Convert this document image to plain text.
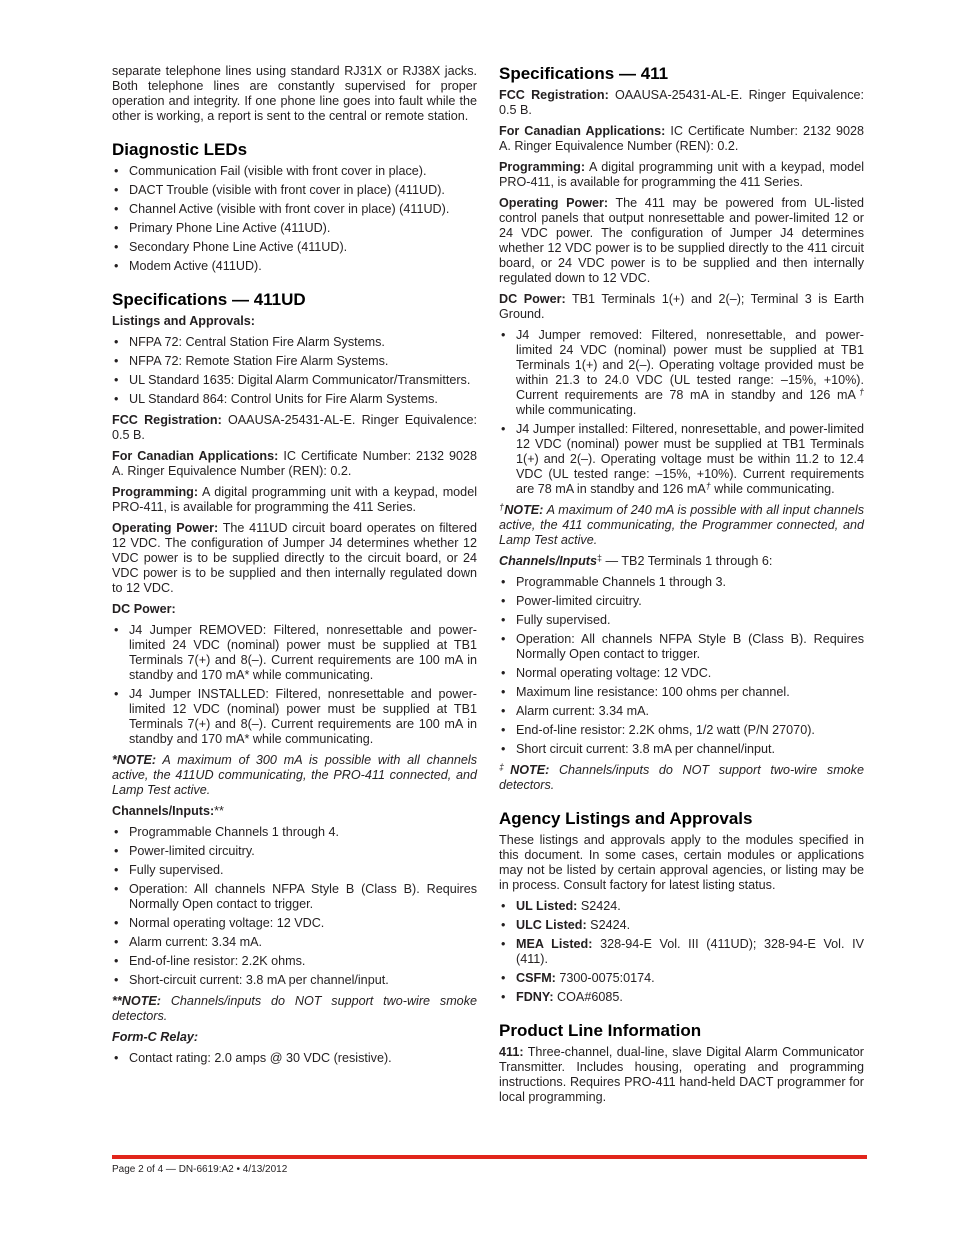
separate telephone lines using standard RJ31X or RJ38X jacks. Both telephone lines are constantly supervised for proper operation and integrity. If one phone line goes into fault while the other is working, a report is sent to the central or remote station.

Diagnostic LEDs
• Communication Fail (visible with front cover in place).
• DACT Trouble (visible with front cover in place) (411UD).
• Channel Active (visible with front cover in place) (411UD).
• Primary Phone Line Active (411UD).
• Secondary Phone Line Active (411UD).
• Modem Active (411UD).
Specifications — 411UD

Listings and Approvals:

• NFPA 72: Central Station Fire Alarm Systems.
• NFPA 72: Remote Station Fire Alarm Systems.
• UL Standard 1635: Digital Alarm Communicator/Transmitters.
• UL Standard 864: Control Units for Fire Alarm Systems.

FCC Registration: OAAUSA-25431-AL-E. Ringer Equivalence: 0.5 B.

For Canadian Applications: IC Certificate Number: 2132 9028 A. Ringer Equivalence Number (REN): 0.2.

Programming: A digital programming unit with a keypad, model PRO-411, is available for programming the 411 Series.

Operating Power: The 411UD circuit board operates on filtered 12 VDC. The configuration of Jumper J4 determines whether 12 VDC power is to be supplied directly to the circuit board, or 24 VDC power is to be supplied and then internally regulated down to 12 VDC.

DC Power:

• J4 Jumper REMOVED: Filtered, nonresettable and power-limited 24 VDC (nominal) power must be supplied at TB1 Terminals 7(+) and 8(–). Current requirements are 100 mA in standby and 170 mA* while communicating.
• J4 Jumper INSTALLED: Filtered, nonresettable and power-limited 12 VDC (nominal) power must be supplied at TB1 Terminals 7(+) and 8(–). Current requirements are 100 mA in standby and 170 mA* while communicating.

*NOTE: A maximum of 300 mA is possible with all channels active, the 411UD communicating, the PRO-411 connected, and Lamp Test active.

Channels/Inputs:**

• Programmable Channels 1 through 4.
• Power-limited circuitry.
• Fully supervised.
• Operation: All channels NFPA Style B (Class B). Requires Normally Open contact to trigger.
• Normal operating voltage: 12 VDC.
• Alarm current: 3.34 mA.
• End-of-line resistor: 2.2K ohms.
• Short-circuit current: 3.8 mA per channel/input.

**NOTE: Channels/inputs do NOT support two-wire smoke detectors.

Form-C Relay:

• Contact rating: 2.0 amps @ 30 VDC (resistive).
Specifications — 411

FCC Registration: OAAUSA-25431-AL-E. Ringer Equivalence: 0.5 B.

For Canadian Applications: IC Certificate Number: 2132 9028 A. Ringer Equivalence Number (REN): 0.2.

Programming: A digital programming unit with a keypad, model PRO-411, is available for programming the 411 Series.

Operating Power: The 411 may be powered from UL-listed control panels that output nonresettable and power-limited 12 or 24 VDC power. The configuration of Jumper J4 determines whether 12 VDC power is to be supplied directly to the 411 circuit board, or 24 VDC power is to be supplied and then internally regulated down to 12 VDC.

DC Power: TB1 Terminals 1(+) and 2(–); Terminal 3 is Earth Ground.

• J4 Jumper removed: Filtered, nonresettable, and power-limited 24 VDC (nominal) power must be supplied at TB1 Terminals 1(+) and 2(–). Operating voltage provided must be within 21.3 to 24.0 VDC (UL tested range: –15%, +10%). Current requirements are 78 mA in standby and 126 mA† while communicating.
• J4 Jumper installed: Filtered, nonresettable, and power-limited 12 VDC (nominal) power must be supplied at TB1 Terminals 1(+) and 2(–). Operating voltage must be within 11.2 to 12.4 VDC (UL tested range: –15%, +10%). Current requirements are 78 mA in standby and 126 mA† while communicating.

†NOTE: A maximum of 240 mA is possible with all input channels active, the 411 communicating, the Programmer connected, and Lamp Test active.

Channels/Inputs‡ — TB2 Terminals 1 through 6:

• Programmable Channels 1 through 3.
• Power-limited circuitry.
• Fully supervised.
• Operation: All channels NFPA Style B (Class B). Requires Normally Open contact to trigger.
• Normal operating voltage: 12 VDC.
• Maximum line resistance: 100 ohms per channel.
• Alarm current: 3.34 mA.
• End-of-line resistor: 2.2K ohms, 1/2 watt (P/N 27070).
• Short circuit current: 3.8 mA per channel/input.

‡NOTE: Channels/inputs do NOT support two-wire smoke detectors.

Agency Listings and Approvals

These listings and approvals apply to the modules specified in this document. In some cases, certain modules or applications may not be listed by certain approval agencies, or listing may be in process. Consult factory for latest listing status.

• UL Listed: S2424.
• ULC Listed: S2424.
• MEA Listed: 328-94-E Vol. III (411UD); 328-94-E Vol. IV (411).
• CSFM: 7300-0075:0174.
• FDNY: COA#6085.
Product Line Information

411: Three-channel, dual-line, slave Digital Alarm Communicator Transmitter. Includes housing, operating and programming instructions. Requires PRO-411 hand-held DACT programmer for local programming.

Page 2 of 4 — DN-6619:A2 • 4/13/2012
